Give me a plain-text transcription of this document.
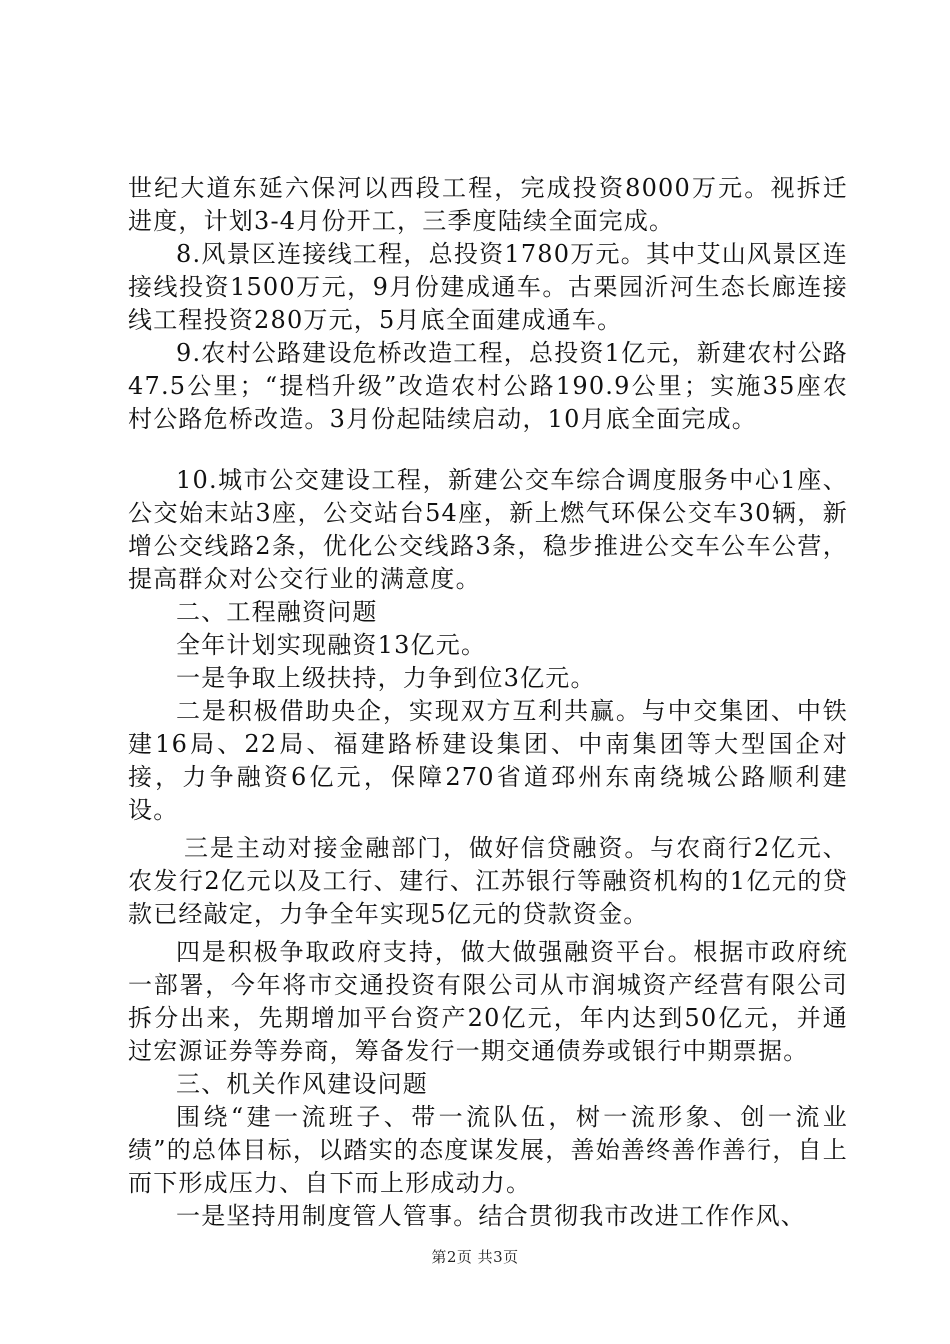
世纪大道东延六保河以西段工程，完成投资8000万元。视拆迁进度，计划3-4月份开工，三季度陆续全面完成。

8.风景区连接线工程，总投资1780万元。其中艾山风景区连接线投资1500万元，9月份建成通车。古栗园沂河生态长廊连接线工程投资280万元，5月底全面建成通车。

9.农村公路建设危桥改造工程，总投资1亿元，新建农村公路47.5公里；“提档升级”改造农村公路190.9公里；实施35座农村公路危桥改造。3月份起陆续启动，10月底全面完成。

10.城市公交建设工程，新建公交车综合调度服务中心1座、公交始末站3座，公交站台54座，新上燃气环保公交车30辆，新增公交线路2条，优化公交线路3条，稳步推进公交车公车公营，提高群众对公交行业的满意度。

二、工程融资问题

全年计划实现融资13亿元。

一是争取上级扶持，力争到位3亿元。

二是积极借助央企，实现双方互利共赢。与中交集团、中铁建16局、22局、福建路桥建设集团、中南集团等大型国企对接，力争融资6亿元，保障270省道邳州东南绕城公路顺利建设。

三是主动对接金融部门，做好信贷融资。与农商行2亿元、农发行2亿元以及工行、建行、江苏银行等融资机构的1亿元的贷款已经敲定，力争全年实现5亿元的贷款资金。

四是积极争取政府支持，做大做强融资平台。根据市政府统一部署，今年将市交通投资有限公司从市润城资产经营有限公司拆分出来，先期增加平台资产20亿元，年内达到50亿元，并通过宏源证券等券商，筹备发行一期交通债券或银行中期票据。

三、机关作风建设问题

围绕“建一流班子、带一流队伍，树一流形象、创一流业绩”的总体目标，以踏实的态度谋发展，善始善终善作善行，自上而下形成压力、自下而上形成动力。

一是坚持用制度管人管事。结合贯彻我市改进工作作风、

第2页 共3页
